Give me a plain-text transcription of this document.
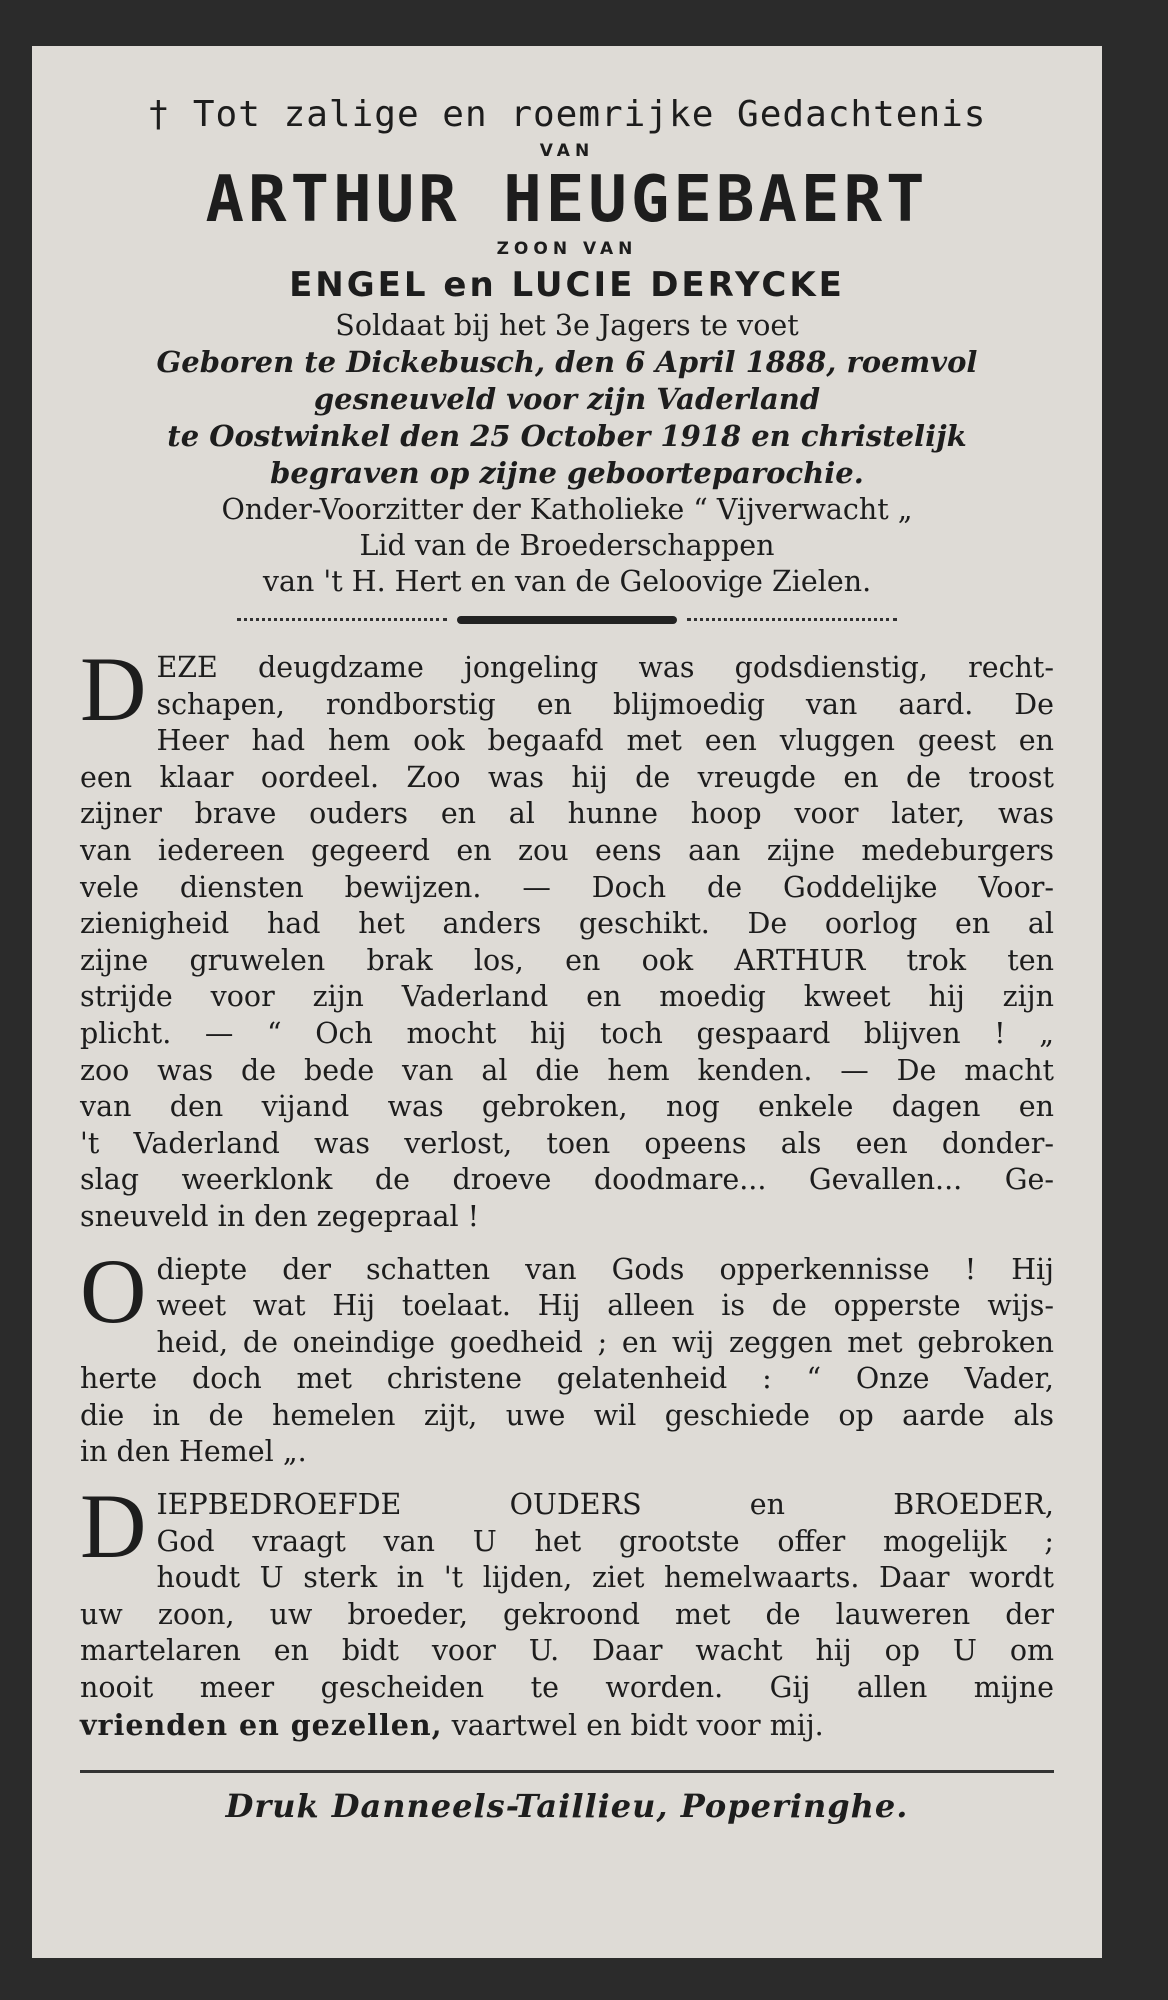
† Tot zalige en roemrijke Gedachtenis
VAN
ARTHUR HEUGEBAERT
ZOON VAN
ENGEL en LUCIE DERYCKE
Soldaat bij het 3e Jagers te voet
Geboren te Dickebusch, den 6 April 1888, roemvol
gesneuveld voor zijn Vaderland
te Oostwinkel den 25 October 1918 en christelijk
begraven op zijne geboorteparochie.
Onder-Voorzitter der Katholieke “ Vijverwacht „
Lid van de Broederschappen
van 't H. Hert en van de Geloovige Zielen.
D EZE deugdzame jongeling was godsdienstig, recht-
schapen, rondborstig en blijmoedig van aard. De
Heer had hem ook begaafd met een vluggen geest en
een klaar oordeel. Zoo was hij de vreugde en de troost
zijner brave ouders en al hunne hoop voor later, was
van iedereen gegeerd en zou eens aan zijne medeburgers
vele diensten bewijzen. — Doch de Goddelijke Voor-
zienigheid had het anders geschikt. De oorlog en al
zijne gruwelen brak los, en ook ARTHUR trok ten
strijde voor zijn Vaderland en moedig kweet hij zijn
plicht. — “ Och mocht hij toch gespaard blijven ! „
zoo was de bede van al die hem kenden. — De macht
van den vijand was gebroken, nog enkele dagen en
't Vaderland was verlost, toen opeens als een donder-
slag weerklonk de droeve doodmare... Gevallen... Ge-
sneuveld in den zegepraal !
O diepte der schatten van Gods opperkennisse ! Hij
weet wat Hij toelaat. Hij alleen is de opperste wijs-
heid, de oneindige goedheid ; en wij zeggen met gebroken
herte doch met christene gelatenheid : “ Onze Vader,
die in de hemelen zijt, uwe wil geschiede op aarde als
in den Hemel „.
D IEPBEDROEFDE OUDERS en BROEDER,
God vraagt van U het grootste offer mogelijk ;
houdt U sterk in 't lijden, ziet hemelwaarts. Daar wordt
uw zoon, uw broeder, gekroond met de lauweren der
martelaren en bidt voor U. Daar wacht hij op U om
nooit meer gescheiden te worden. Gij allen mijne
vrienden en gezellen, vaartwel en bidt voor mij.
Druk Danneels-Taillieu, Poperinghe.
